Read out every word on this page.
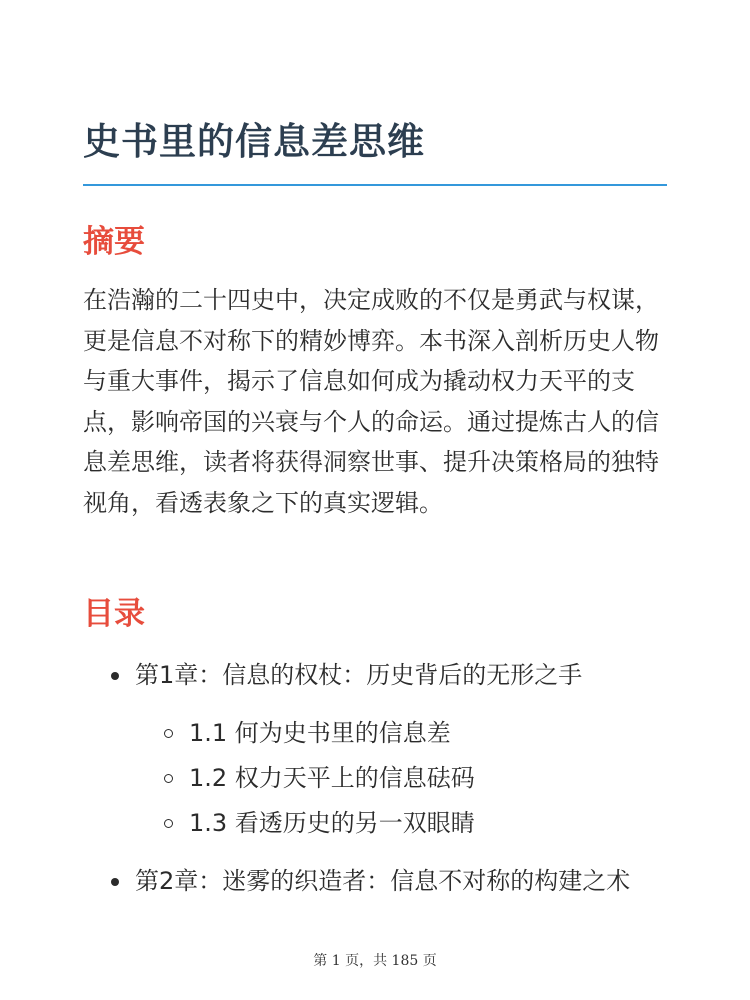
史书里的信息差思维
摘要

在浩瀚的二十四史中，决定成败的不仅是勇武与权谋，更是信息不对称下的精妙博弈。本书深入剖析历史人物与重大事件，揭示了信息如何成为撬动权力天平的支点，影响帝国的兴衰与个人的命运。通过提炼古人的信息差思维，读者将获得洞察世事、提升决策格局的独特视角，看透表象之下的真实逻辑。

目录
第1章：信息的权杖：历史背后的无形之手
1.1 何为史书里的信息差
1.2 权力天平上的信息砝码
1.3 看透历史的另一双眼睛
第2章：迷雾的织造者：信息不对称的构建之术
第 1 页，共 185 页
